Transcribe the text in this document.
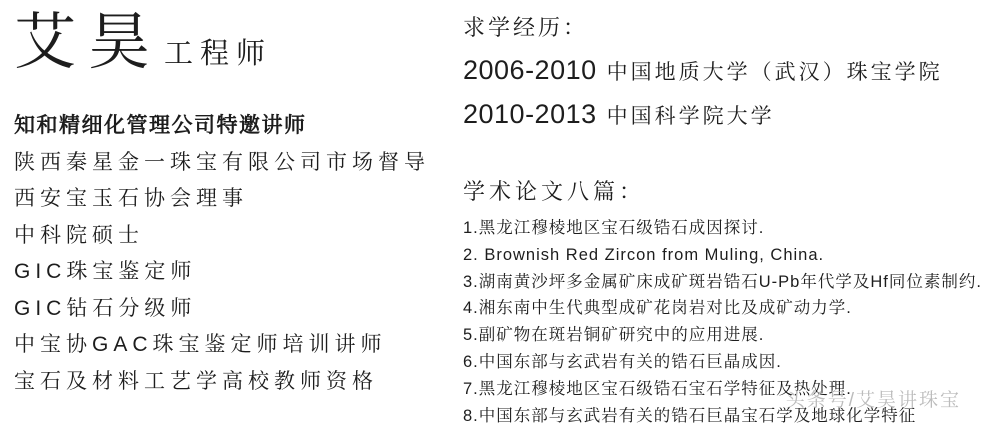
艾昊 工程师
知和精细化管理公司特邀讲师
陕西秦星金一珠宝有限公司市场督导
西安宝玉石协会理事
中科院硕士
GIC珠宝鉴定师
GIC钻石分级师
中宝协GAC珠宝鉴定师培训讲师
宝石及材料工艺学高校教师资格
求学经历：
2006-2010 中国地质大学（武汉）珠宝学院
2010-2013 中国科学院大学
学术论文八篇：
1.黑龙江穆棱地区宝石级锆石成因探讨.
2. Brownish Red Zircon from Muling, China.
3.湖南黄沙坪多金属矿床成矿斑岩锆石U-Pb年代学及Hf同位素制约.
4.湘东南中生代典型成矿花岗岩对比及成矿动力学.
5.副矿物在斑岩铜矿研究中的应用进展.
6.中国东部与玄武岩有关的锆石巨晶成因.
7.黑龙江穆棱地区宝石级锆石宝石学特征及热处理.
8.中国东部与玄武岩有关的锆石巨晶宝石学及地球化学特征
头条号/艾昊讲珠宝
